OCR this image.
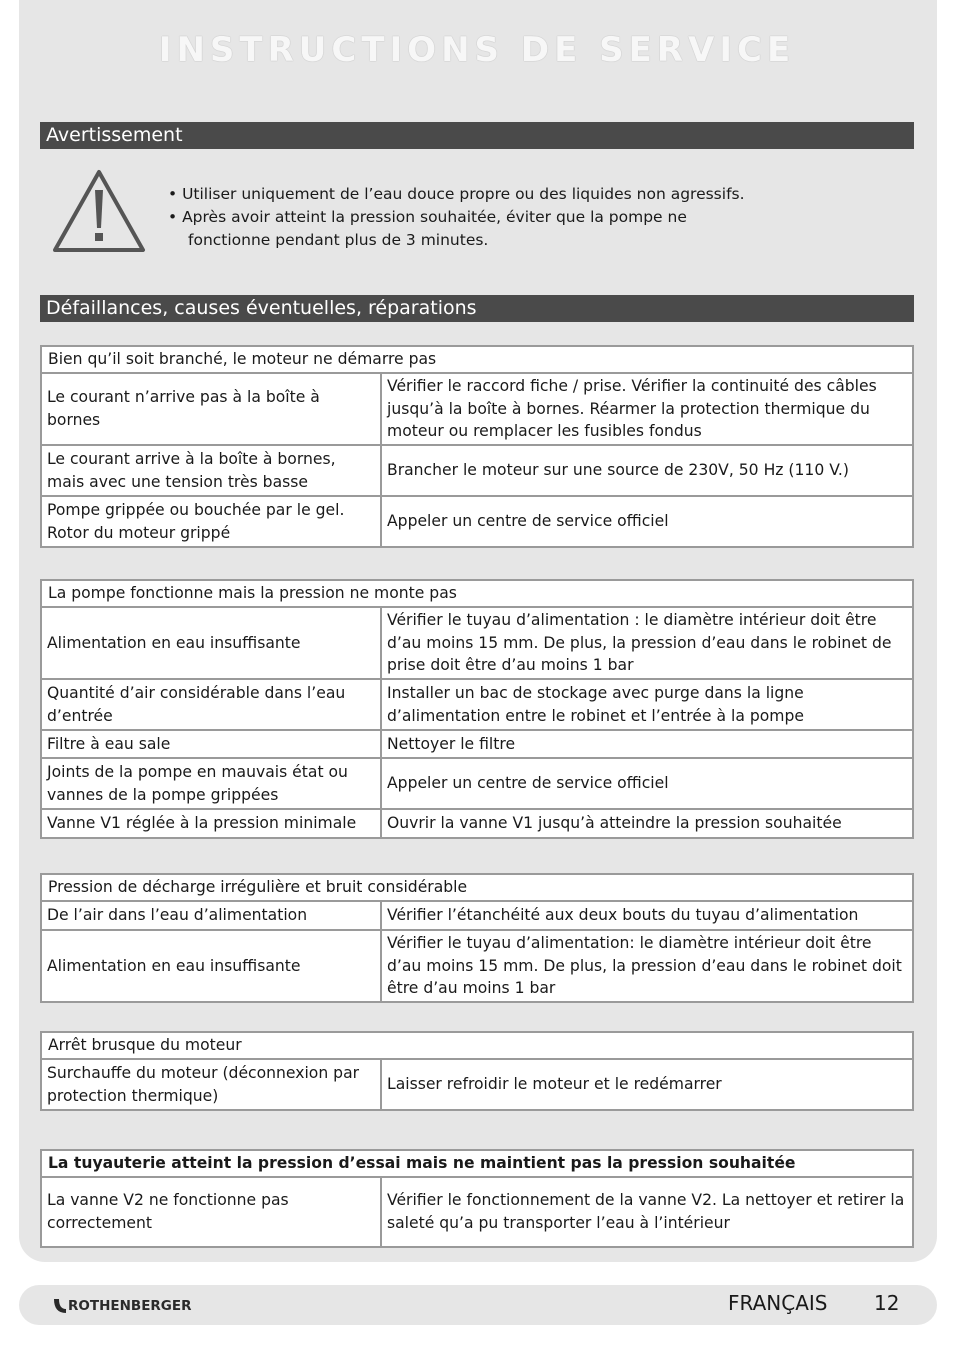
INSTRUCTIONS DE SERVICE
Avertissement
• Utiliser uniquement de l’eau douce propre ou des liquides non agressifs.
• Après avoir atteint la pression souhaitée, éviter que la pompe ne
fonctionne pendant plus de 3 minutes.
Défaillances, causes éventuelles, réparations
Bien qu’il soit branché, le moteur ne démarre pas	
Le courant n’arrive pas à la boîte à bornes	Vérifier le raccord fiche / prise. Vérifier la continuité des câbles jusqu’à la boîte à bornes. Réarmer la protection thermique du moteur ou remplacer les fusibles fondus
Le courant arrive à la boîte à bornes, mais avec une tension très basse	Brancher le moteur sur une source de 230V, 50 Hz (110 V.)
Pompe grippée ou bouchée par le gel. Rotor du moteur grippé	Appeler un centre de service officiel
La pompe fonctionne mais la pression ne monte pas	
Alimentation en eau insuffisante	Vérifier le tuyau d’alimentation : le diamètre intérieur doit être d’au moins 15 mm. De plus, la pression d’eau dans le robinet de prise doit être d’au moins 1 bar
Quantité d’air considérable dans l’eau d’entrée	Installer un bac de stockage avec purge dans la ligne d’alimentation entre le robinet et l’entrée à la pompe
Filtre à eau sale	Nettoyer le filtre
Joints de la pompe en mauvais état ou vannes de la pompe grippées	Appeler un centre de service officiel
Vanne V1 réglée à la pression minimale	Ouvrir la vanne V1 jusqu’à atteindre la pression souhaitée
Pression de décharge irrégulière et bruit considérable	
De l’air dans l’eau d’alimentation	Vérifier l’étanchéité aux deux bouts du tuyau d’alimentation
Alimentation en eau insuffisante	Vérifier le tuyau d’alimentation: le diamètre intérieur doit être d’au moins 15 mm. De plus, la pression d’eau dans le robinet doit être d’au moins 1 bar
Arrêt brusque du moteur
Surchauffe du moteur (déconnexion par protection thermique)	Laisser refroidir le moteur et le redémarrer
La tuyauterie atteint la pression d’essai mais ne maintient pas la pression souhaitée
La vanne V2 ne fonctionne pas correctement	Vérifier le fonctionnement de la vanne V2. La nettoyer et retirer la saleté qu’a pu transporter l’eau à l’intérieur
ROTHENBERGER	FRANÇAIS 12
